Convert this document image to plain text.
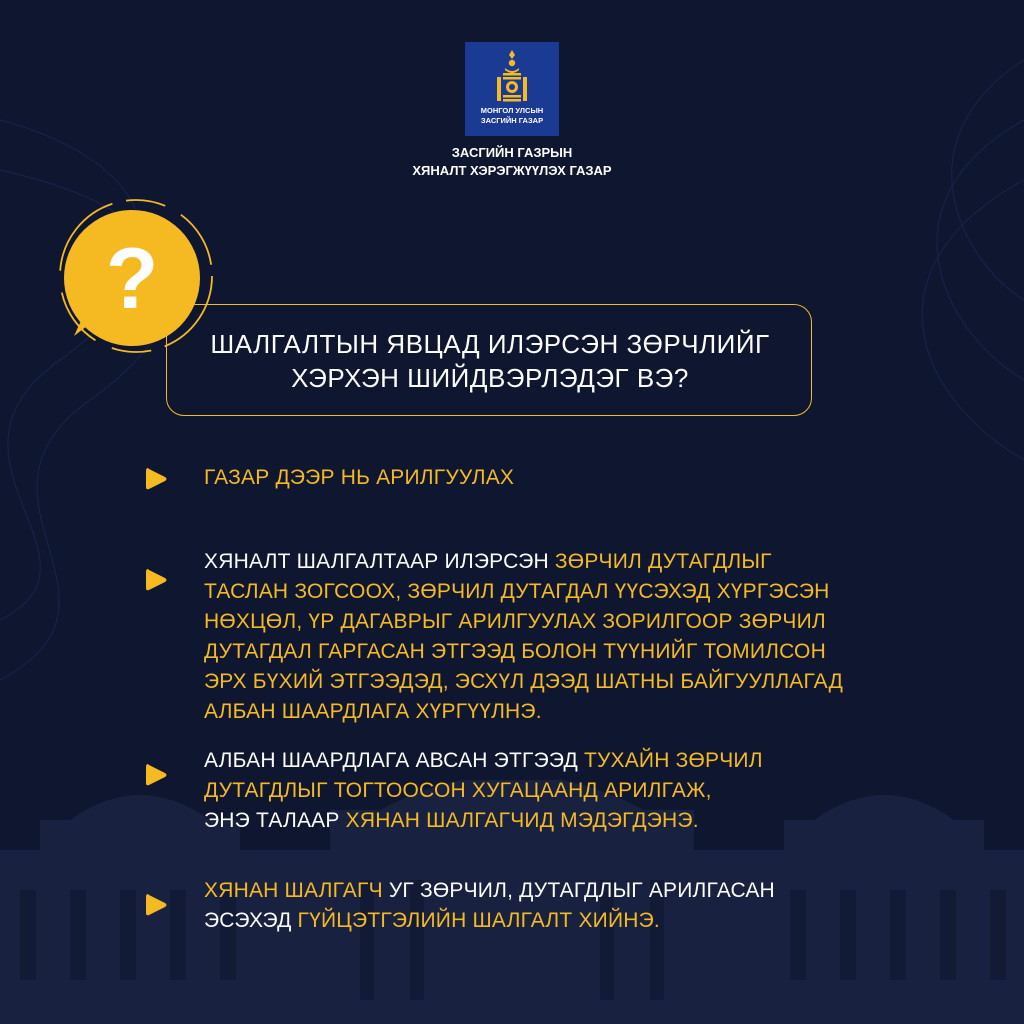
МОНГОЛ УЛСЫН
ЗАСГИЙН ГАЗАР
ЗАСГИЙН ГАЗРЫН
ХЯНАЛТ ХЭРЭГЖҮҮЛЭХ ГАЗАР
?
ШАЛГАЛТЫН ЯВЦАД ИЛЭРСЭН ЗӨРЧЛИЙГ
ХЭРХЭН ШИЙДВЭРЛЭДЭГ ВЭ?
ГАЗАР ДЭЭР НЬ АРИЛГУУЛАХ
ХЯНАЛТ ШАЛГАЛТААР ИЛЭРСЭН ЗӨРЧИЛ ДУТАГДЛЫГ
ТАСЛАН ЗОГСООХ, ЗӨРЧИЛ ДУТАГДАЛ ҮҮСЭХЭД ХҮРГЭСЭН
НӨХЦӨЛ, ҮР ДАГАВРЫГ АРИЛГУУЛАХ ЗОРИЛГООР ЗӨРЧИЛ
ДУТАГДАЛ ГАРГАСАН ЭТГЭЭД БОЛОН ТҮҮНИЙГ ТОМИЛСОН
ЭРХ БҮХИЙ ЭТГЭЭДЭД, ЭСХҮЛ ДЭЭД ШАТНЫ БАЙГУУЛЛАГАД
АЛБАН ШААРДЛАГА ХҮРГҮҮЛНЭ.
АЛБАН ШААРДЛАГА АВСАН ЭТГЭЭД ТУХАЙН ЗӨРЧИЛ
ДУТАГДЛЫГ ТОГТООСОН ХУГАЦААНД АРИЛГАЖ,
ЭНЭ ТАЛААР ХЯНАН ШАЛГАГЧИД МЭДЭГДЭНЭ.
ХЯНАН ШАЛГАГЧ УГ ЗӨРЧИЛ, ДУТАГДЛЫГ АРИЛГАСАН
ЭСЭХЭД ГҮЙЦЭТГЭЛИЙН ШАЛГАЛТ ХИЙНЭ.
